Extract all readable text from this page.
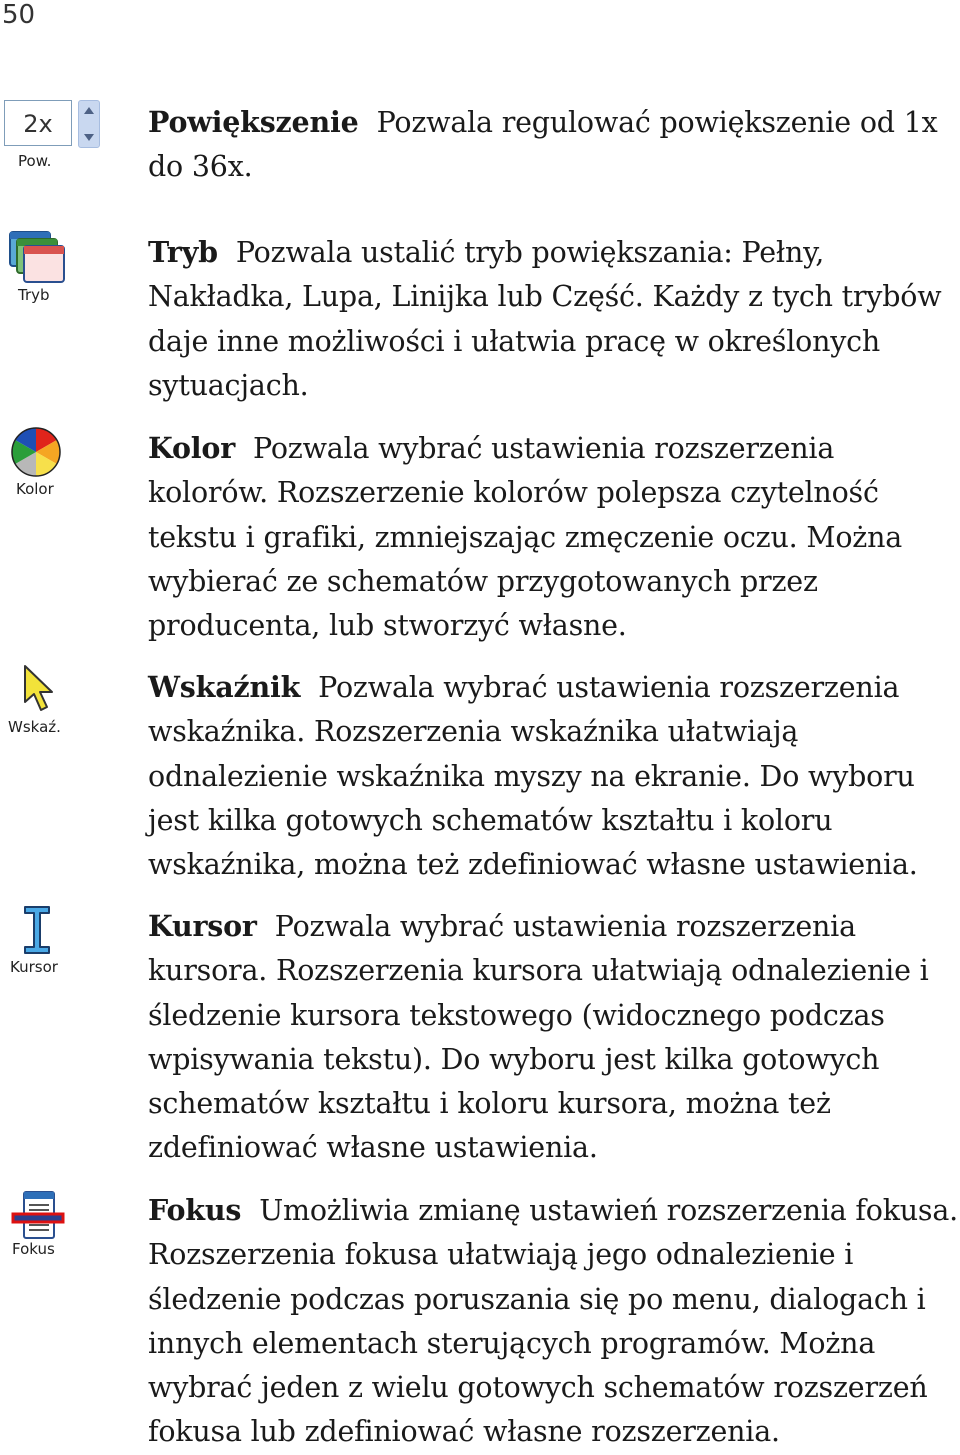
50
2x
Pow.
Tryb
Kolor
Wskaź.
Kursor
Fokus
Powiększenie Pozwala regulować powiększenie od 1x do 36x.
Tryb Pozwala ustalić tryb powiększania: Pełny, Nakładka, Lupa, Linijka lub Część. Każdy z tych trybów daje inne możliwości i ułatwia pracę w określonych sytuacjach.
Kolor Pozwala wybrać ustawienia rozszerzenia kolorów. Rozszerzenie kolorów polepsza czytelność tekstu i grafiki, zmniejszając zmęczenie oczu. Można wybierać ze schematów przygotowanych przez producenta, lub stworzyć własne.
Wskaźnik Pozwala wybrać ustawienia rozszerzenia wskaźnika. Rozszerzenia wskaźnika ułatwiają odnalezienie wskaźnika myszy na ekranie. Do wyboru jest kilka gotowych schematów kształtu i koloru wskaźnika, można też zdefiniować własne ustawienia.
Kursor Pozwala wybrać ustawienia rozszerzenia kursora. Rozszerzenia kursora ułatwiają odnalezienie i śledzenie kursora tekstowego (widocznego podczas wpisywania tekstu). Do wyboru jest kilka gotowych schematów kształtu i koloru kursora, można też zdefiniować własne ustawienia.
Fokus Umożliwia zmianę ustawień rozszerzenia fokusa. Rozszerzenia fokusa ułatwiają jego odnalezienie i śledzenie podczas poruszania się po menu, dialogach i innych elementach sterujących programów. Można wybrać jeden z wielu gotowych schematów rozszerzeń fokusa lub zdefiniować własne rozszerzenia.
